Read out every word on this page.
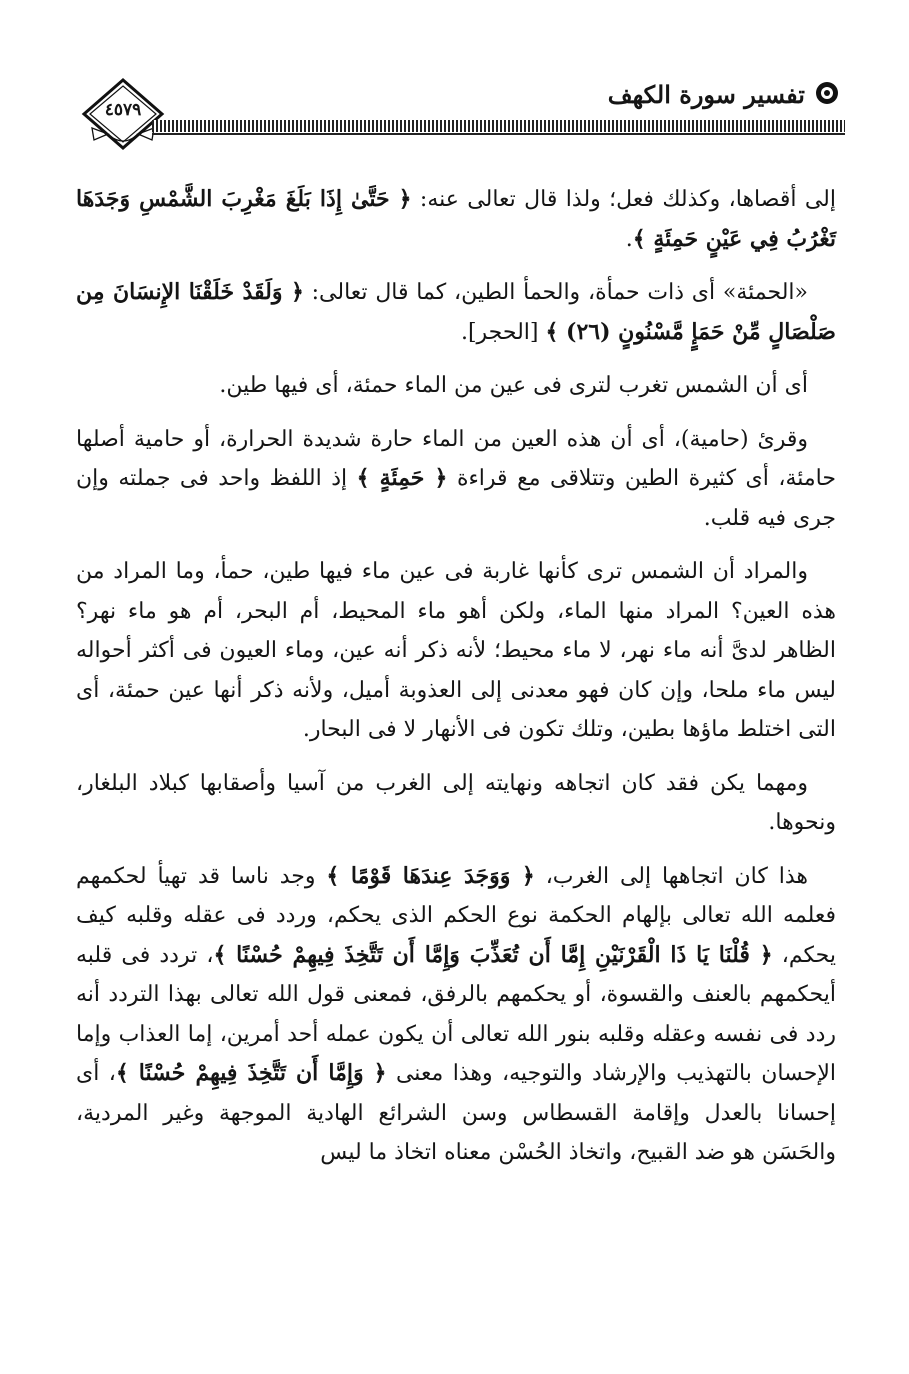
٤٥٧٩
تفسير سورة الكهف

إلى أقصاها، وكذلك فعل؛ ولذا قال تعالى عنه: ﴿ حَتَّىٰ إِذَا بَلَغَ مَغْرِبَ الشَّمْسِ وَجَدَهَا تَغْرُبُ فِي عَيْنٍ حَمِئَةٍ ﴾.

«الحمئة» أى ذات حمأة، والحمأ الطين، كما قال تعالى: ﴿ وَلَقَدْ خَلَقْنَا الإِنسَانَ مِن صَلْصَالٍ مِّنْ حَمَإٍ مَّسْنُونٍ (٢٦) ﴾ [الحجر].

أى أن الشمس تغرب لترى فى عين من الماء حمئة، أى فيها طين.

وقرئ (حامية)، أى أن هذه العين من الماء حارة شديدة الحرارة، أو حامية أصلها حامئة، أى كثيرة الطين وتتلاقى مع قراءة ﴿ حَمِئَةٍ ﴾ إذ اللفظ واحد فى جملته وإن جرى فيه قلب.

والمراد أن الشمس ترى كأنها غاربة فى عين ماء فيها طين، حمأ، وما المراد من هذه العين؟ المراد منها الماء، ولكن أهو ماء المحيط، أم البحر، أم هو ماء نهر؟ الظاهر لدىَّ أنه ماء نهر، لا ماء محيط؛ لأنه ذكر أنه عين، وماء العيون فى أكثر أحواله ليس ماء ملحا، وإن كان فهو معدنى إلى العذوبة أميل، ولأنه ذكر أنها عين حمئة، أى التى اختلط ماؤها بطين، وتلك تكون فى الأنهار لا فى البحار.

ومهما يكن فقد كان اتجاهه ونهايته إلى الغرب من آسيا وأصقابها كبلاد البلغار، ونحوها.

هذا كان اتجاهها إلى الغرب، ﴿ وَوَجَدَ عِندَهَا قَوْمًا ﴾ وجد ناسا قد تهيأ لحكمهم فعلمه الله تعالى بإلهام الحكمة نوع الحكم الذى يحكم، وردد فى عقله وقلبه كيف يحكم، ﴿ قُلْنَا يَا ذَا الْقَرْنَيْنِ إِمَّا أَن تُعَذِّبَ وَإِمَّا أَن تَتَّخِذَ فِيهِمْ حُسْنًا ﴾، تردد فى قلبه أيحكمهم بالعنف والقسوة، أو يحكمهم بالرفق، فمعنى قول الله تعالى بهذا التردد أنه ردد فى نفسه وعقله وقلبه بنور الله تعالى أن يكون عمله أحد أمرين، إما العذاب وإما الإحسان بالتهذيب والإرشاد والتوجيه، وهذا معنى ﴿ وَإِمَّا أَن تَتَّخِذَ فِيهِمْ حُسْنًا ﴾، أى إحسانا بالعدل وإقامة القسطاس وسن الشرائع الهادية الموجهة وغير المردية، والحَسَن هو ضد القبيح، واتخاذ الحُسْن معناه اتخاذ ما ليس
